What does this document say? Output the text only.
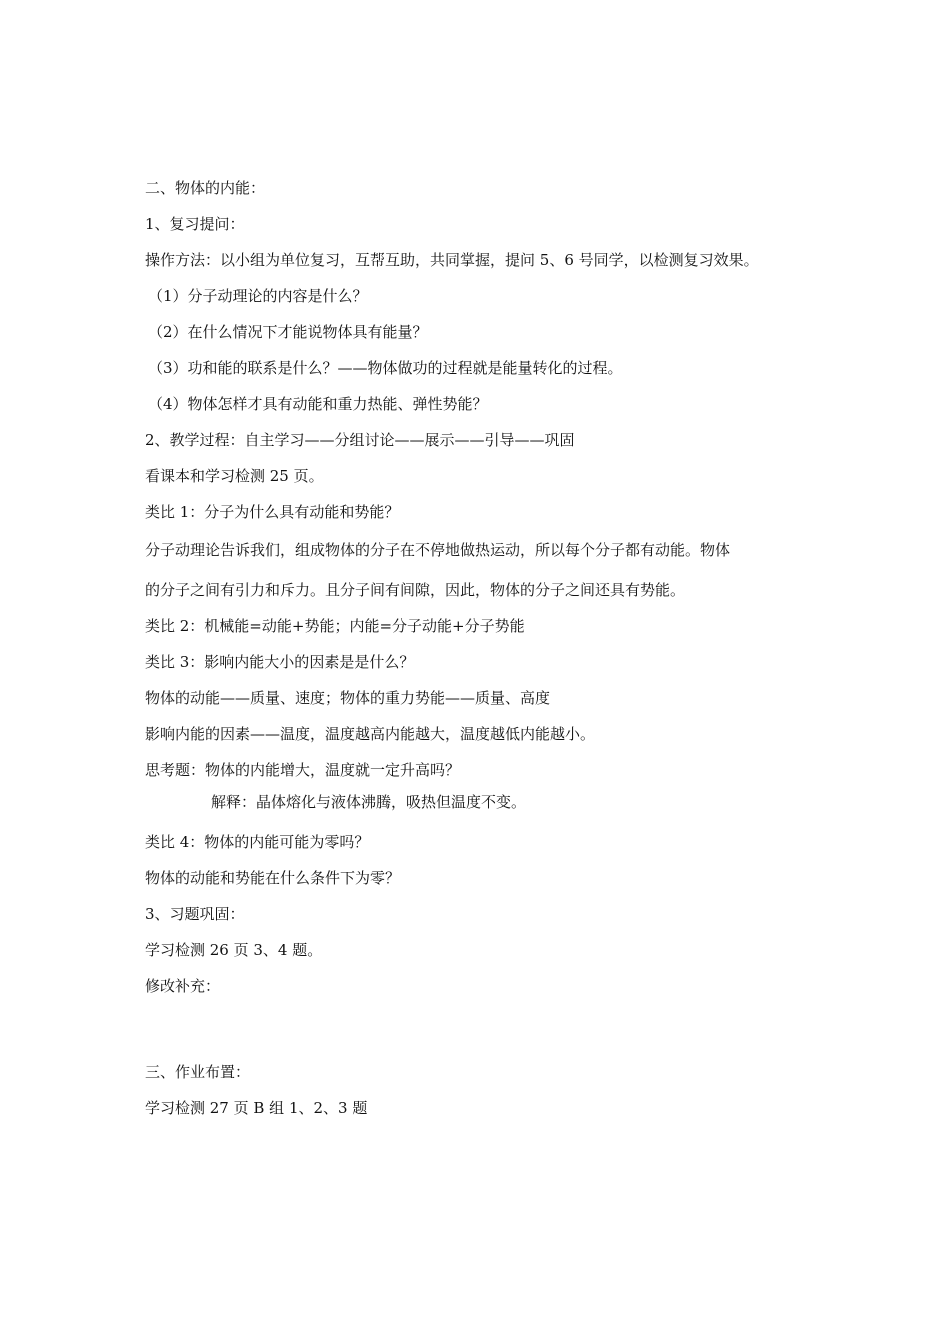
二、物体的内能：
1、复习提问：
操作方法：以小组为单位复习，互帮互助，共同掌握，提问 5、6 号同学，以检测复习效果。
（1）分子动理论的内容是什么？
（2）在什么情况下才能说物体具有能量？
（3）功和能的联系是什么？——物体做功的过程就是能量转化的过程。
（4）物体怎样才具有动能和重力热能、弹性势能？
2、教学过程：自主学习——分组讨论——展示——引导——巩固
看课本和学习检测 25 页。
类比 1：分子为什么具有动能和势能？
分子动理论告诉我们，组成物体的分子在不停地做热运动，所以每个分子都有动能。物体
的分子之间有引力和斥力。且分子间有间隙，因此，物体的分子之间还具有势能。
类比 2：机械能=动能+势能；内能=分子动能+分子势能
类比 3：影响内能大小的因素是是什么？
物体的动能——质量、速度；物体的重力势能——质量、高度
影响内能的因素——温度，温度越高内能越大，温度越低内能越小。
思考题：物体的内能增大，温度就一定升高吗？
解释：晶体熔化与液体沸腾，吸热但温度不变。
类比 4：物体的内能可能为零吗？
物体的动能和势能在什么条件下为零？
3、习题巩固：
学习检测 26 页 3、4 题。
修改补充：
三、作业布置：
学习检测 27 页 B 组 1、2、3 题
